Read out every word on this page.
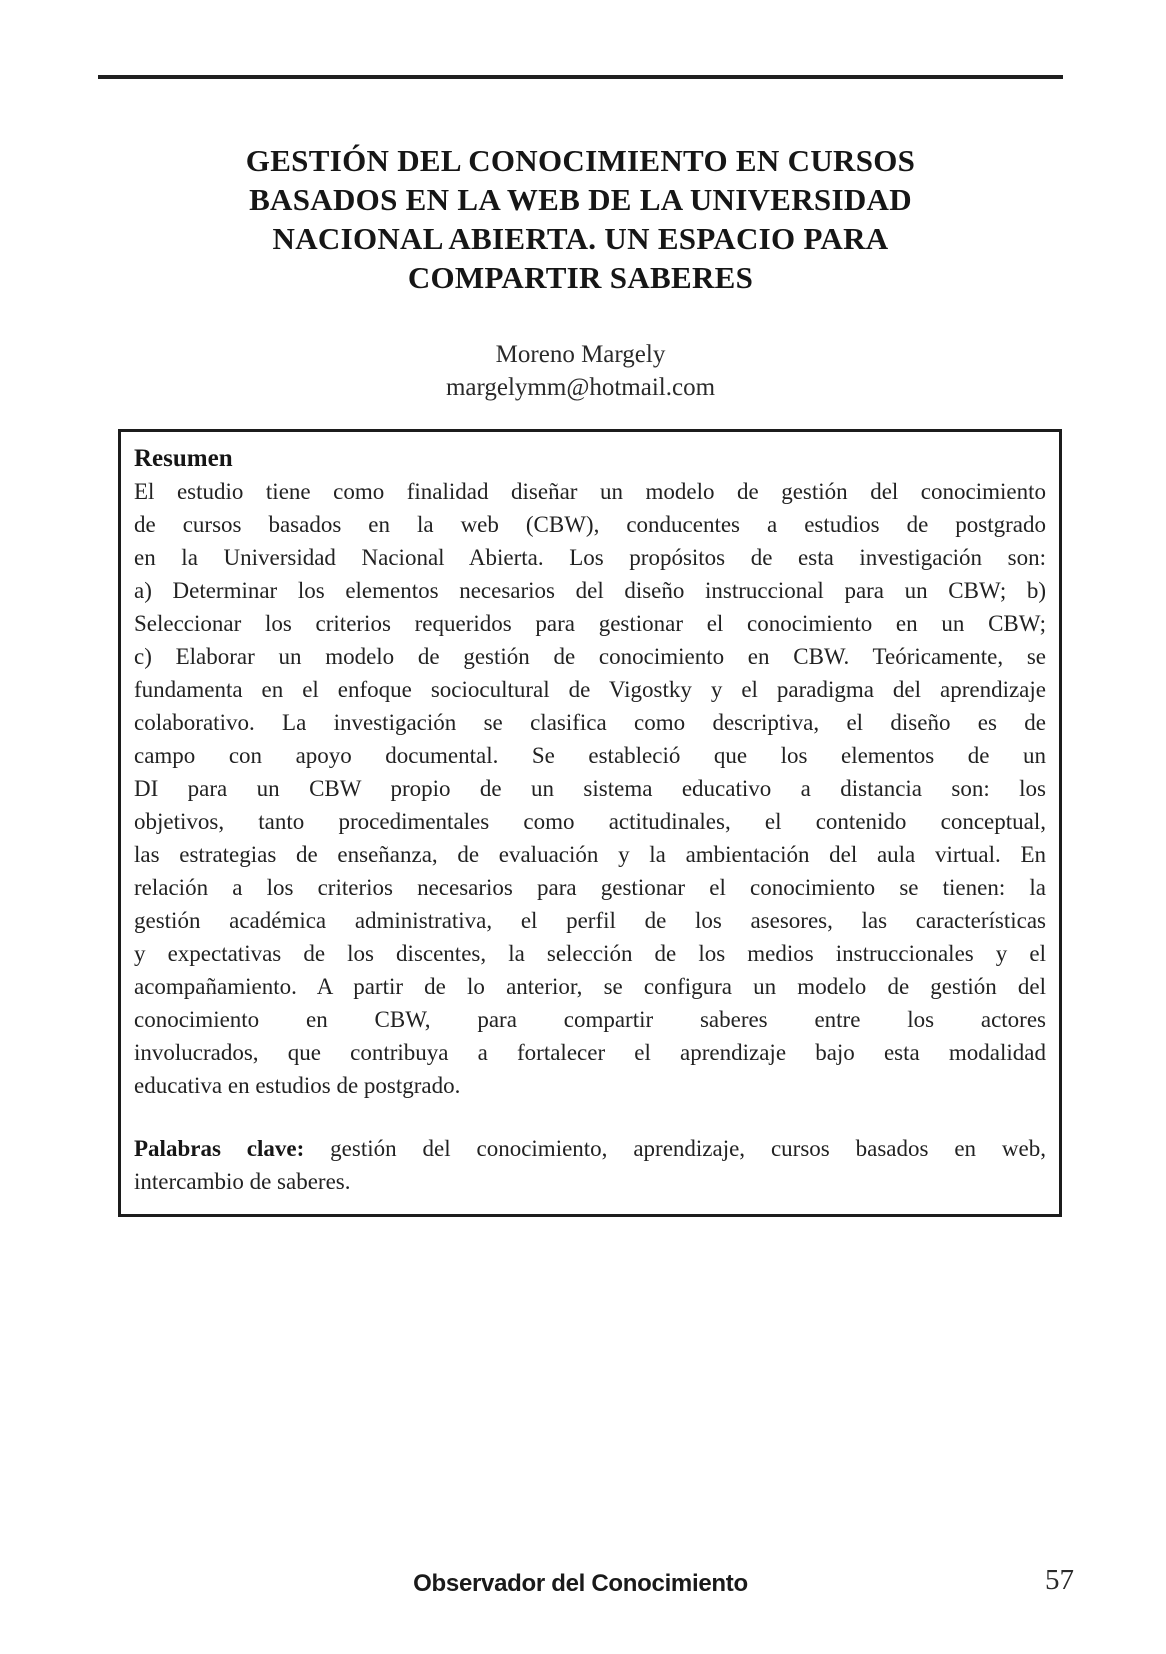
GESTIÓN DEL CONOCIMIENTO EN CURSOS
BASADOS EN LA WEB DE LA UNIVERSIDAD
NACIONAL ABIERTA. UN ESPACIO PARA
COMPARTIR SABERES
Moreno Margely
margelymm@hotmail.com
Resumen
El estudio tiene como finalidad diseñar un modelo de gestión del conocimiento
de cursos basados en la web (CBW), conducentes a estudios de postgrado
en la Universidad Nacional Abierta. Los propósitos de esta investigación son:
a) Determinar los elementos necesarios del diseño instruccional para un CBW; b)
Seleccionar los criterios requeridos para gestionar el conocimiento en un CBW;
c) Elaborar un modelo de gestión de conocimiento en CBW. Teóricamente, se
fundamenta en el enfoque sociocultural de Vigostky y el paradigma del aprendizaje
colaborativo. La investigación se clasifica como descriptiva, el diseño es de
campo con apoyo documental. Se estableció que los elementos de un
DI para un CBW propio de un sistema educativo a distancia son: los
objetivos, tanto procedimentales como actitudinales, el contenido conceptual,
las estrategias de enseñanza, de evaluación y la ambientación del aula virtual. En
relación a los criterios necesarios para gestionar el conocimiento se tienen: la
gestión académica administrativa, el perfil de los asesores, las características
y expectativas de los discentes, la selección de los medios instruccionales y el
acompañamiento. A partir de lo anterior, se configura un modelo de gestión del
conocimiento en CBW, para compartir saberes entre los actores
involucrados, que contribuya a fortalecer el aprendizaje bajo esta modalidad
educativa en estudios de postgrado.
Palabras clave: gestión del conocimiento, aprendizaje, cursos basados en web,
intercambio de saberes.
Observador del Conocimiento	57
